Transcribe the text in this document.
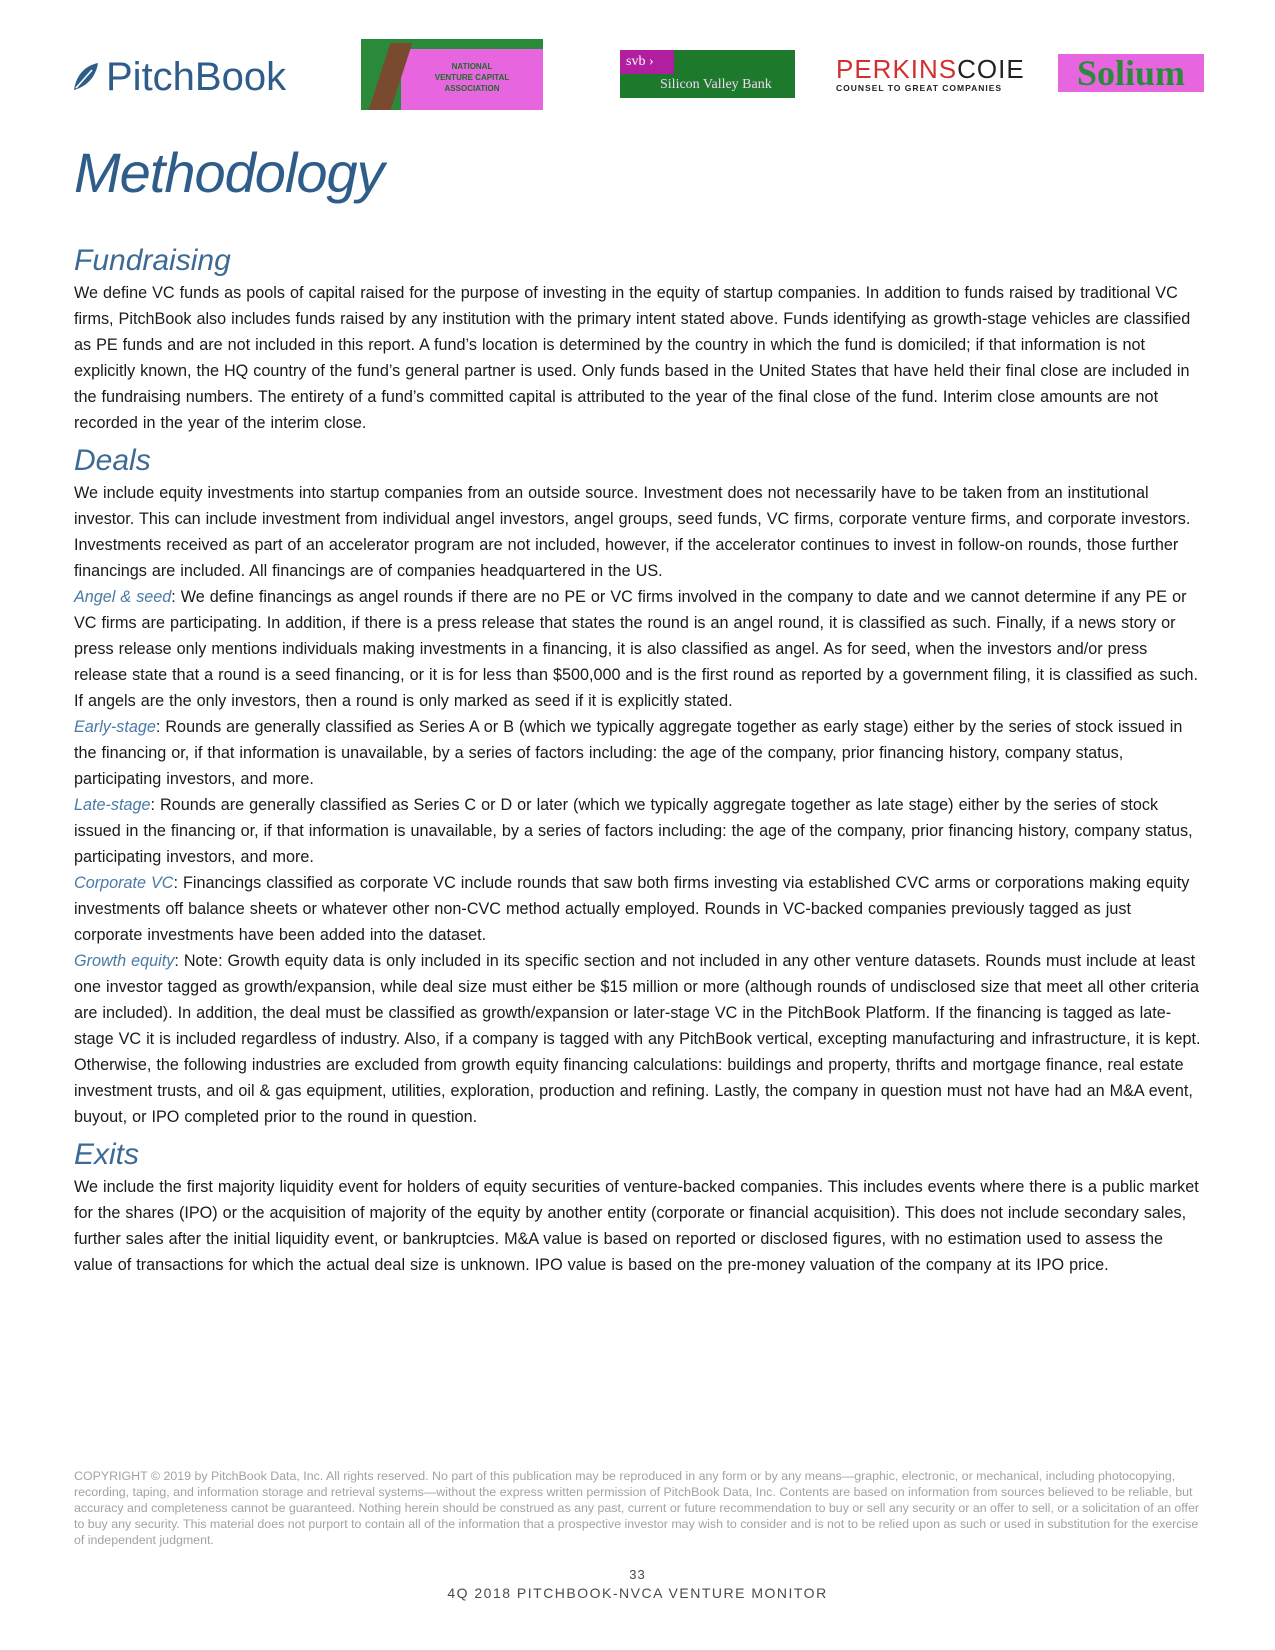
PitchBook	NATIONAL
VENTURE CAPITAL
ASSOCIATION
svb ›
Silicon Valley Bank
PERKINSCOIE
COUNSEL TO GREAT COMPANIES	Solium
Methodology
Fundraising

We define VC funds as pools of capital raised for the purpose of investing in the equity of startup companies. In addition to funds raised by traditional VC firms, PitchBook also includes funds raised by any institution with the primary intent stated above. Funds identifying as growth-stage vehicles are classified as PE funds and are not included in this report. A fund’s location is determined by the country in which the fund is domiciled; if that information is not explicitly known, the HQ country of the fund’s general partner is used. Only funds based in the United States that have held their final close are included in the fundraising numbers. The entirety of a fund’s committed capital is attributed to the year of the final close of the fund. Interim close amounts are not recorded in the year of the interim close.

Deals

We include equity investments into startup companies from an outside source. Investment does not necessarily have to be taken from an institutional investor. This can include investment from individual angel investors, angel groups, seed funds, VC firms, corporate venture firms, and corporate investors. Investments received as part of an accelerator program are not included, however, if the accelerator continues to invest in follow-on rounds, those further financings are included. All financings are of companies headquartered in the US.

Angel & seed: We define financings as angel rounds if there are no PE or VC firms involved in the company to date and we cannot determine if any PE or VC firms are participating. In addition, if there is a press release that states the round is an angel round, it is classified as such. Finally, if a news story or press release only mentions individuals making investments in a financing, it is also classified as angel. As for seed, when the investors and/or press release state that a round is a seed financing, or it is for less than $500,000 and is the first round as reported by a government filing, it is classified as such. If angels are the only investors, then a round is only marked as seed if it is explicitly stated.

Early-stage: Rounds are generally classified as Series A or B (which we typically aggregate together as early stage) either by the series of stock issued in the financing or, if that information is unavailable, by a series of factors including: the age of the company, prior financing history, company status, participating investors, and more.

Late-stage: Rounds are generally classified as Series C or D or later (which we typically aggregate together as late stage) either by the series of stock issued in the financing or, if that information is unavailable, by a series of factors including: the age of the company, prior financing history, company status, participating investors, and more.

Corporate VC: Financings classified as corporate VC include rounds that saw both firms investing via established CVC arms or corporations making equity investments off balance sheets or whatever other non-CVC method actually employed. Rounds in VC-backed companies previously tagged as just corporate investments have been added into the dataset.

Growth equity: Note: Growth equity data is only included in its specific section and not included in any other venture datasets. Rounds must include at least one investor tagged as growth/expansion, while deal size must either be $15 million or more (although rounds of undisclosed size that meet all other criteria are included). In addition, the deal must be classified as growth/expansion or later-stage VC in the PitchBook Platform. If the financing is tagged as late-stage VC it is included regardless of industry. Also, if a company is tagged with any PitchBook vertical, excepting manufacturing and infrastructure, it is kept. Otherwise, the following industries are excluded from growth equity financing calculations: buildings and property, thrifts and mortgage finance, real estate investment trusts, and oil & gas equipment, utilities, exploration, production and refining. Lastly, the company in question must not have had an M&A event, buyout, or IPO completed prior to the round in question.

Exits

We include the first majority liquidity event for holders of equity securities of venture-backed companies. This includes events where there is a public market for the shares (IPO) or the acquisition of majority of the equity by another entity (corporate or financial acquisition). This does not include secondary sales, further sales after the initial liquidity event, or bankruptcies. M&A value is based on reported or disclosed figures, with no estimation used to assess the value of transactions for which the actual deal size is unknown. IPO value is based on the pre-money valuation of the company at its IPO price.

COPYRIGHT © 2019 by PitchBook Data, Inc. All rights reserved. No part of this publication may be reproduced in any form or by any means—graphic, electronic, or mechanical, including photocopying, recording, taping, and information storage and retrieval systems—without the express written permission of PitchBook Data, Inc. Contents are based on information from sources believed to be reliable, but accuracy and completeness cannot be guaranteed. Nothing herein should be construed as any past, current or future recommendation to buy or sell any security or an offer to sell, or a solicitation of an offer to buy any security. This material does not purport to contain all of the information that a prospective investor may wish to consider and is not to be relied upon as such or used in substitution for the exercise of independent judgment.

33
4Q 2018 PITCHBOOK-NVCA VENTURE MONITOR
